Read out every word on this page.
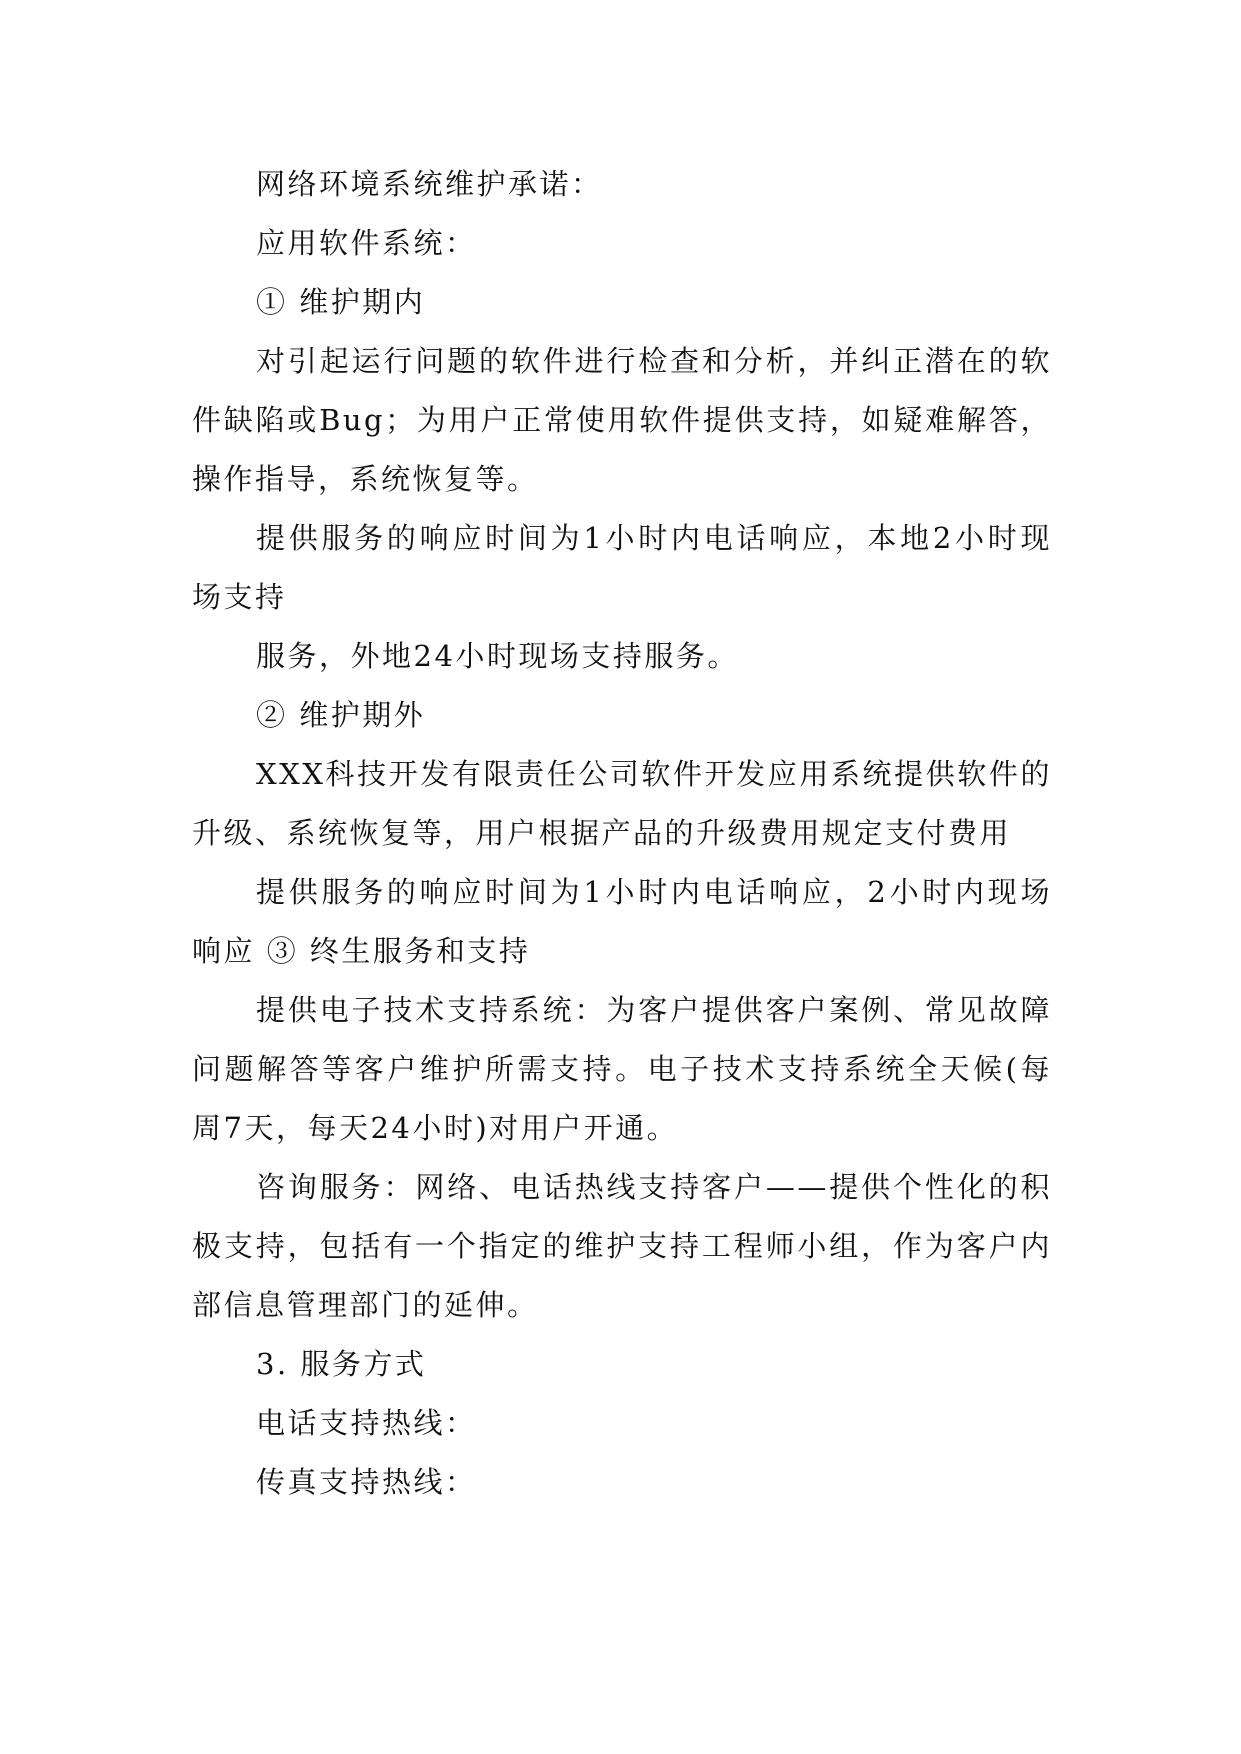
网络环境系统维护承诺：

应用软件系统：

① 维护期内

对引起运行问题的软件进行检查和分析，并纠正潜在的软件缺陷或Bug；为用户正常使用软件提供支持，如疑难解答，操作指导，系统恢复等。

提供服务的响应时间为1小时内电话响应，本地2小时现场支持

服务，外地24小时现场支持服务。

② 维护期外

XXX科技开发有限责任公司软件开发应用系统提供软件的升级、系统恢复等，用户根据产品的升级费用规定支付费用

提供服务的响应时间为1小时内电话响应，2小时内现场响应 ③ 终生服务和支持

提供电子技术支持系统：为客户提供客户案例、常见故障问题解答等客户维护所需支持。电子技术支持系统全天候(每周7天，每天24小时)对用户开通。

咨询服务：网络、电话热线支持客户——提供个性化的积极支持，包括有一个指定的维护支持工程师小组，作为客户内部信息管理部门的延伸。

3. 服务方式

电话支持热线：

传真支持热线：
